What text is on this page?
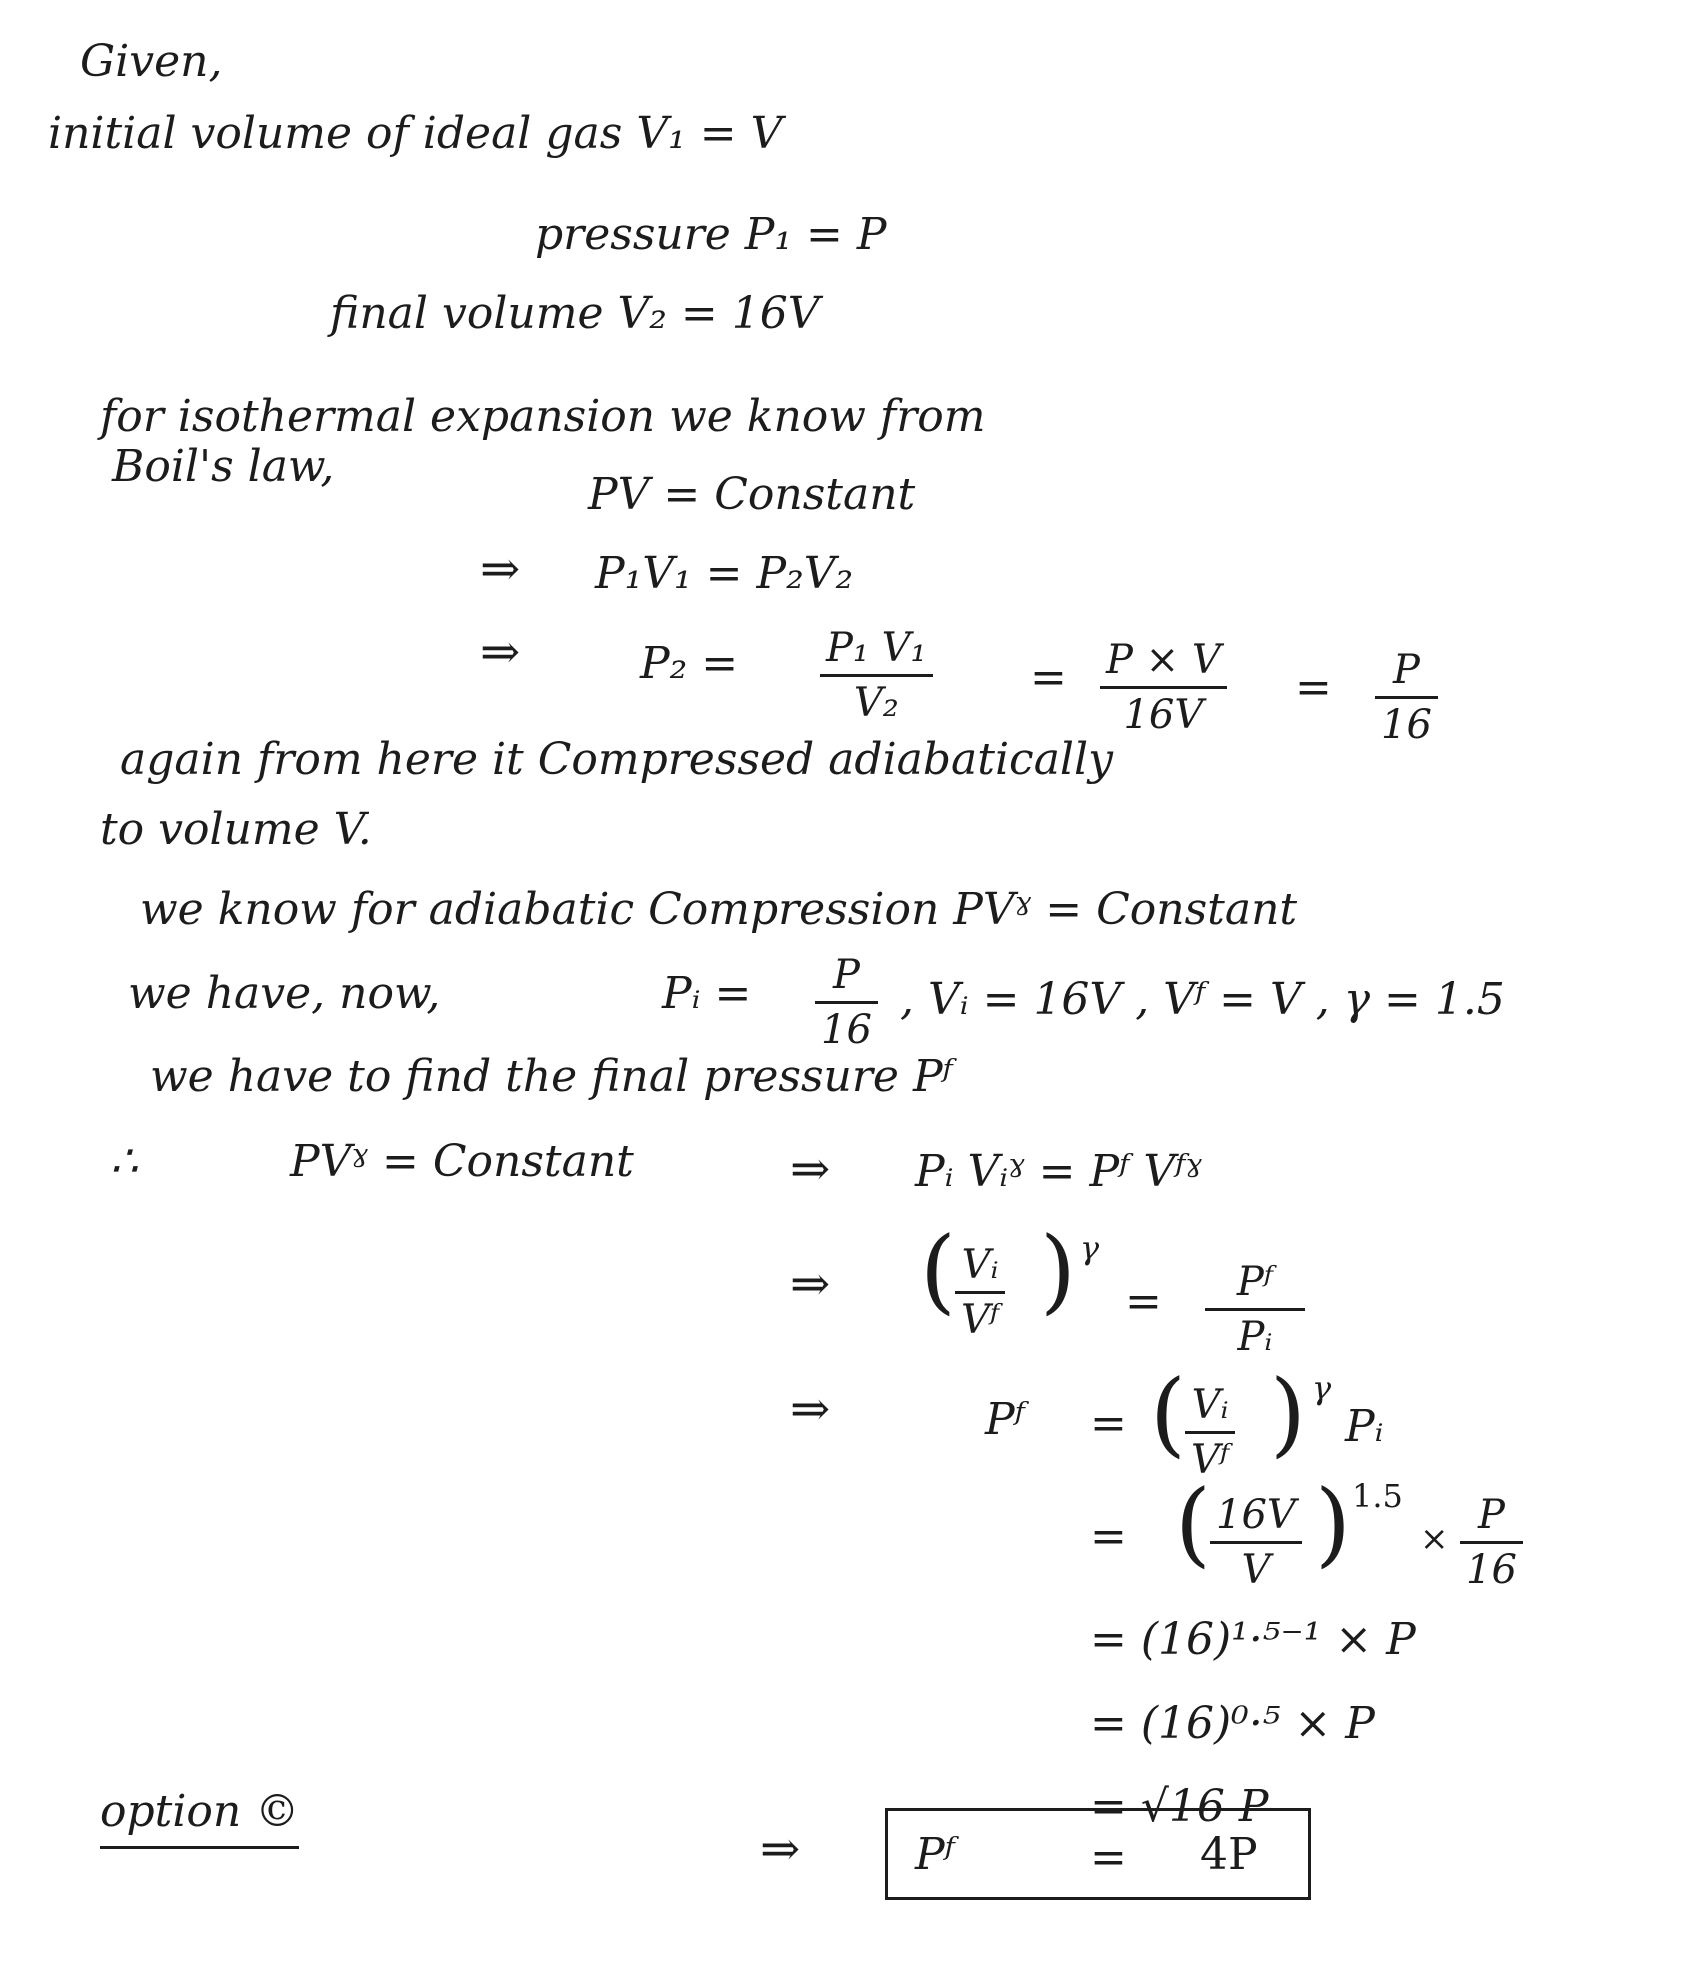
Given,
initial volume of ideal gas V₁ = V
pressure P₁ = P
final volume V₂ = 16V
for isothermal expansion we know from
Boil's law,
PV = Constant
⇒ P₁V₁ = P₂V₂
⇒	$P_2 = \frac{\text{P₁ V₁}}{\text{V₂}} = \frac{P \times V}{16V} = \frac{P}{16}$
again from here it Compressed adiabatically
to volume V.
we know for adiabatic Compression PVˠ = Constant
we have, now,	Pᵢ = $\frac{P}{16}$ , Vᵢ = 16V , Vᶠ = V , γ = 1.5
we have to find the final pressure Pᶠ
∴	PVˠ = Constant	⇒ Pᵢ Vᵢˠ = Pᶠ Vᶠˠ
⇒ ( $\frac{\text{Vᵢ}}{\text{Vᶠ}}$ ) γ
= $\frac{\text{Pᶠ}}{\text{Pᵢ}}$
⇒	Pᶠ = ( $\frac{\text{Vᵢ}}{\text{Vᶠ}}$ ) γ
Pᵢ
= ( $\frac{16V}{V}$ ) 1.5
× $\frac{P}{16}$
= (16)¹·⁵⁻¹ × P
= (16)⁰·⁵ × P
= √16 P
option ©
⇒	Pᶠ	= 4P
